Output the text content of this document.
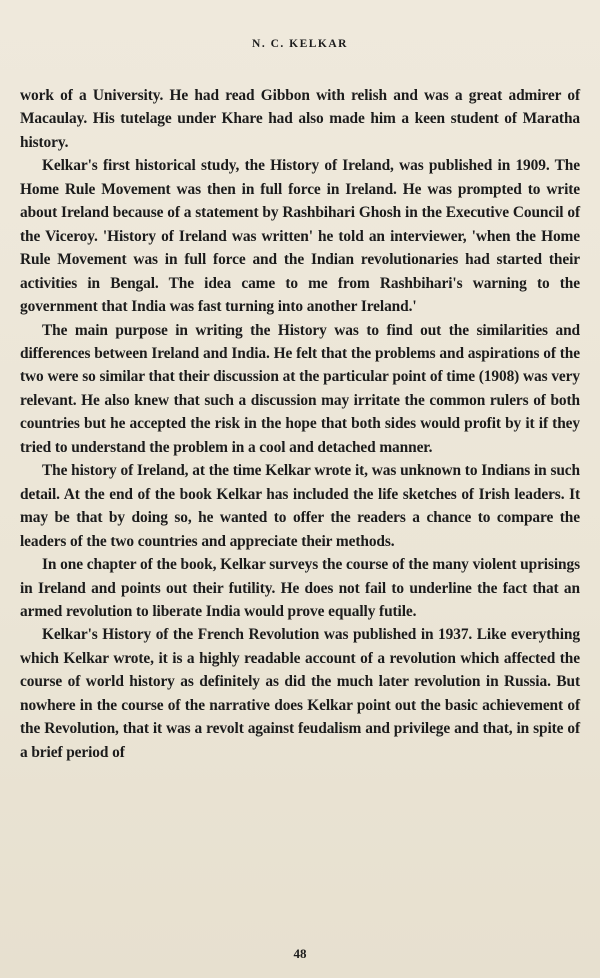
N. C. KELKAR

work of a University. He had read Gibbon with relish and was a great admirer of Macaulay. His tutelage under Khare had also made him a keen student of Maratha history.

Kelkar's first historical study, the History of Ireland, was published in 1909. The Home Rule Movement was then in full force in Ireland. He was prompted to write about Ireland because of a statement by Rashbihari Ghosh in the Executive Council of the Viceroy. 'History of Ireland was written' he told an interviewer, 'when the Home Rule Movement was in full force and the Indian revolutionaries had started their activities in Bengal. The idea came to me from Rashbihari's warning to the government that India was fast turning into another Ireland.'

The main purpose in writing the History was to find out the similarities and differences between Ireland and India. He felt that the problems and aspirations of the two were so similar that their discussion at the particular point of time (1908) was very relevant. He also knew that such a discussion may irritate the common rulers of both countries but he accepted the risk in the hope that both sides would profit by it if they tried to understand the problem in a cool and detached manner.

The history of Ireland, at the time Kelkar wrote it, was unknown to Indians in such detail. At the end of the book Kelkar has included the life sketches of Irish leaders. It may be that by doing so, he wanted to offer the readers a chance to compare the leaders of the two countries and appreciate their methods.

In one chapter of the book, Kelkar surveys the course of the many violent uprisings in Ireland and points out their futility. He does not fail to underline the fact that an armed revolution to liberate India would prove equally futile.

Kelkar's History of the French Revolution was published in 1937. Like everything which Kelkar wrote, it is a highly readable account of a revolution which affected the course of world history as definitely as did the much later revolution in Russia. But nowhere in the course of the narrative does Kelkar point out the basic achievement of the Revolution, that it was a revolt against feudalism and privilege and that, in spite of a brief period of

48
